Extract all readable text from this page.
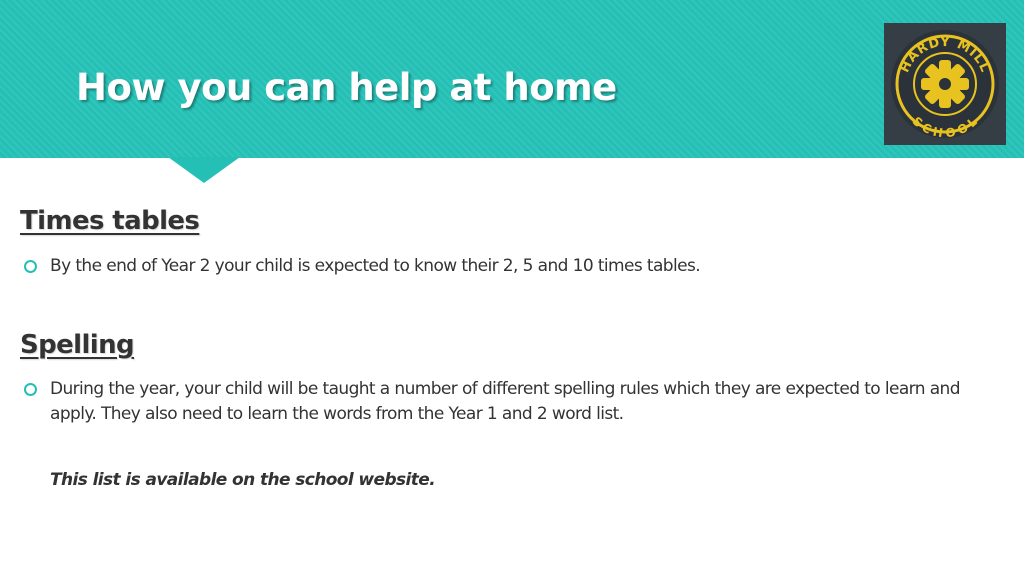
How you can help at home	HARDY MILL
SCHOOL
Times tables

By the end of Year 2 your child is expected to know their 2, 5 and 10 times tables.

Spelling

During the year, your child will be taught a number of different spelling rules which they are expected to learn and apply. They also need to learn the words from the Year 1 and 2 word list.

This list is available on the school website.
